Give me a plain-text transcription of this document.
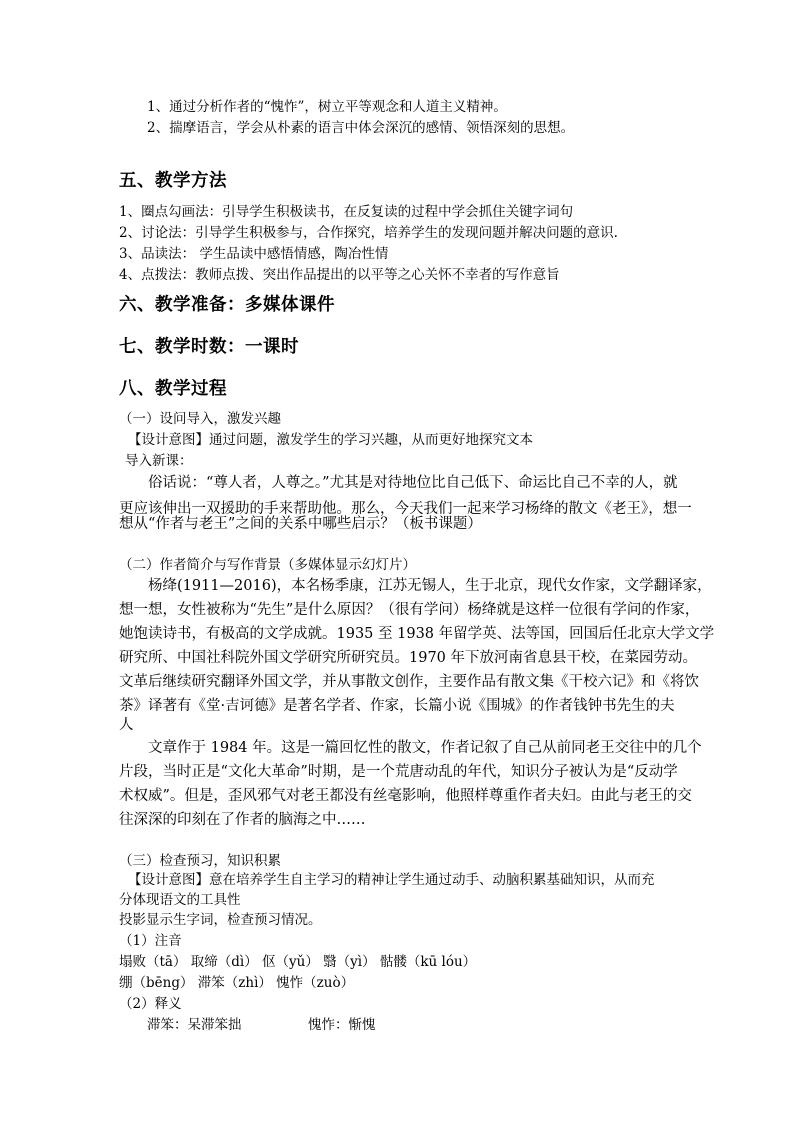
1、通过分析作者的“愧怍”，树立平等观念和人道主义精神。
2、揣摩语言，学会从朴素的语言中体会深沉的感情、领悟深刻的思想。
五、教学方法
1、圈点勾画法：引导学生积极读书，在反复读的过程中学会抓住关键字词句
2、讨论法：引导学生积极参与，合作探究，培养学生的发现问题并解决问题的意识.
3、品读法： 学生品读中感悟情感，陶冶性情
4、点拨法：教师点拨、突出作品提出的以平等之心关怀不幸者的写作意旨
六、教学准备：多媒体课件
七、教学时数：一课时
八、教学过程
（一）设问导入，激发兴趣
【设计意图】通过问题，激发学生的学习兴趣，从而更好地探究文本
导入新课：
俗话说：“尊人者，人尊之。”尤其是对待地位比自己低下、命运比自己不幸的人，就
更应该伸出一双援助的手来帮助他。那么，今天我们一起来学习杨绛的散文《老王》，想一
想从“作者与老王”之间的关系中哪些启示？（板书课题）
（二）作者简介与写作背景（多媒体显示幻灯片）
杨绛(1911—2016)，本名杨季康，江苏无锡人，生于北京，现代女作家，文学翻译家，
想一想，女性被称为“先生”是什么原因？（很有学问）杨绛就是这样一位很有学问的作家，
她饱读诗书，有极高的文学成就。1935 至 1938 年留学英、法等国，回国后任北京大学文学
研究所、中国社科院外国文学研究所研究员。1970 年下放河南省息县干校，在菜园劳动。
文革后继续研究翻译外国文学，并从事散文创作，主要作品有散文集《干校六记》和《将饮
茶》译著有《堂·吉诃德》是著名学者、作家，长篇小说《围城》的作者钱钟书先生的夫
人
文章作于 1984 年。这是一篇回忆性的散文，作者记叙了自己从前同老王交往中的几个
片段，当时正是“文化大革命”时期，是一个荒唐动乱的年代，知识分子被认为是“反动学
术权威”。但是，歪风邪气对老王都没有丝毫影响，他照样尊重作者夫妇。由此与老王的交
往深深的印刻在了作者的脑海之中……
（三）检查预习，知识积累
【设计意图】意在培养学生自主学习的精神让学生通过动手、动脑积累基础知识，从而充
分体现语文的工具性
投影显示生字词，检查预习情况。
（1）注音
塌败（tā） 取缔（dì） 伛（yǔ） 翳（yì） 骷髅（kū lóu）
绷（bēng） 滞笨（zhì） 愧怍（zuò）
（2）释义
滞笨：呆滞笨拙	愧怍：惭愧
